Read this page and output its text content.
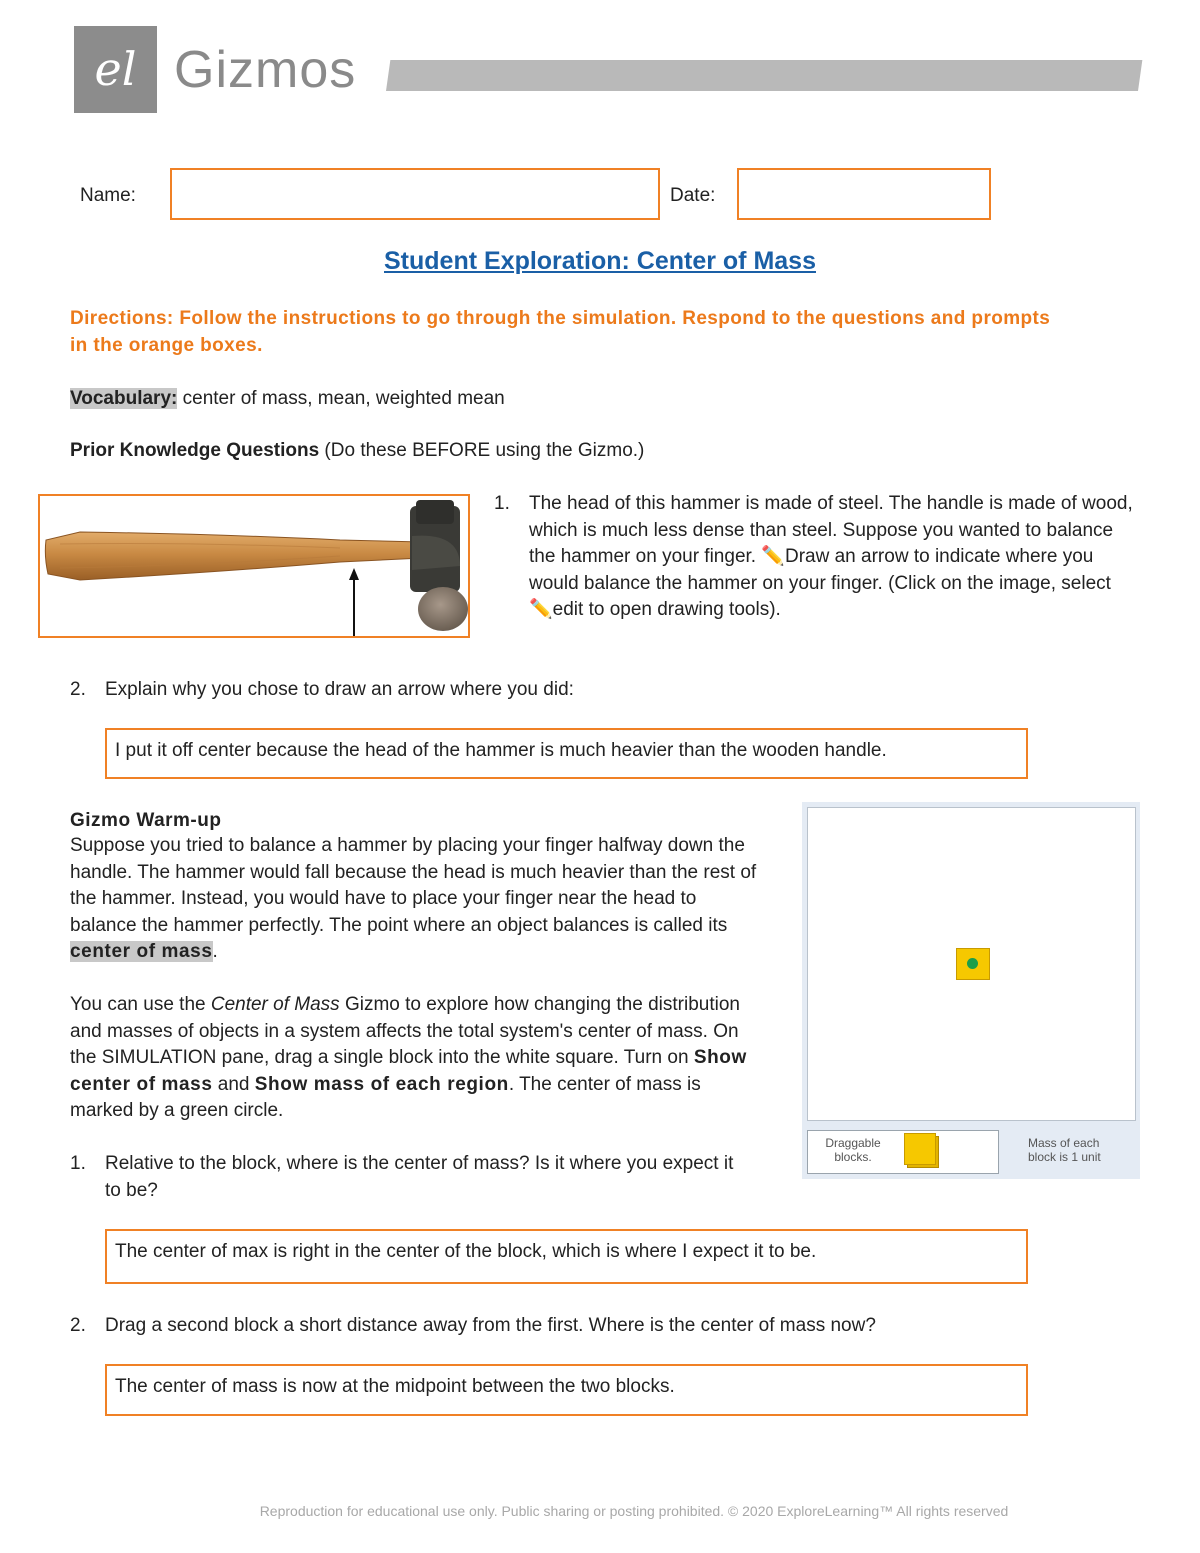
el Gizmos
Name:	Date:
Student Exploration: Center of Mass
Directions: Follow the instructions to go through the simulation. Respond to the questions and prompts in the orange boxes.
Vocabulary: center of mass, mean, weighted mean
Prior Knowledge Questions (Do these BEFORE using the Gizmo.)
1. The head of this hammer is made of steel. The handle is made of wood, which is much less dense than steel. Suppose you wanted to balance the hammer on your finger. ✏️Draw an arrow to indicate where you would balance the hammer on your finger. (Click on the image, select ✏️edit to open drawing tools).
2. Explain why you chose to draw an arrow where you did:
I put it off center because the head of the hammer is much heavier than the wooden handle.
Gizmo Warm-up
Suppose you tried to balance a hammer by placing your finger halfway down the handle. The hammer would fall because the head is much heavier than the rest of the hammer. Instead, you would have to place your finger near the head to balance the hammer perfectly. The point where an object balances is called its center of mass.
You can use the Center of Mass Gizmo to explore how changing the distribution and masses of objects in a system affects the total system's center of mass. On the SIMULATION pane, drag a single block into the white square. Turn on Show center of mass and Show mass of each region. The center of mass is marked by a green circle.
Draggable blocks.
Mass of each block is 1 unit
1. Relative to the block, where is the center of mass? Is it where you expect it to be?
The center of max is right in the center of the block, which is where I expect it to be.
2. Drag a second block a short distance away from the first. Where is the center of mass now?
The center of mass is now at the midpoint between the two blocks.
Reproduction for educational use only. Public sharing or posting prohibited. © 2020 ExploreLearning™ All rights reserved
